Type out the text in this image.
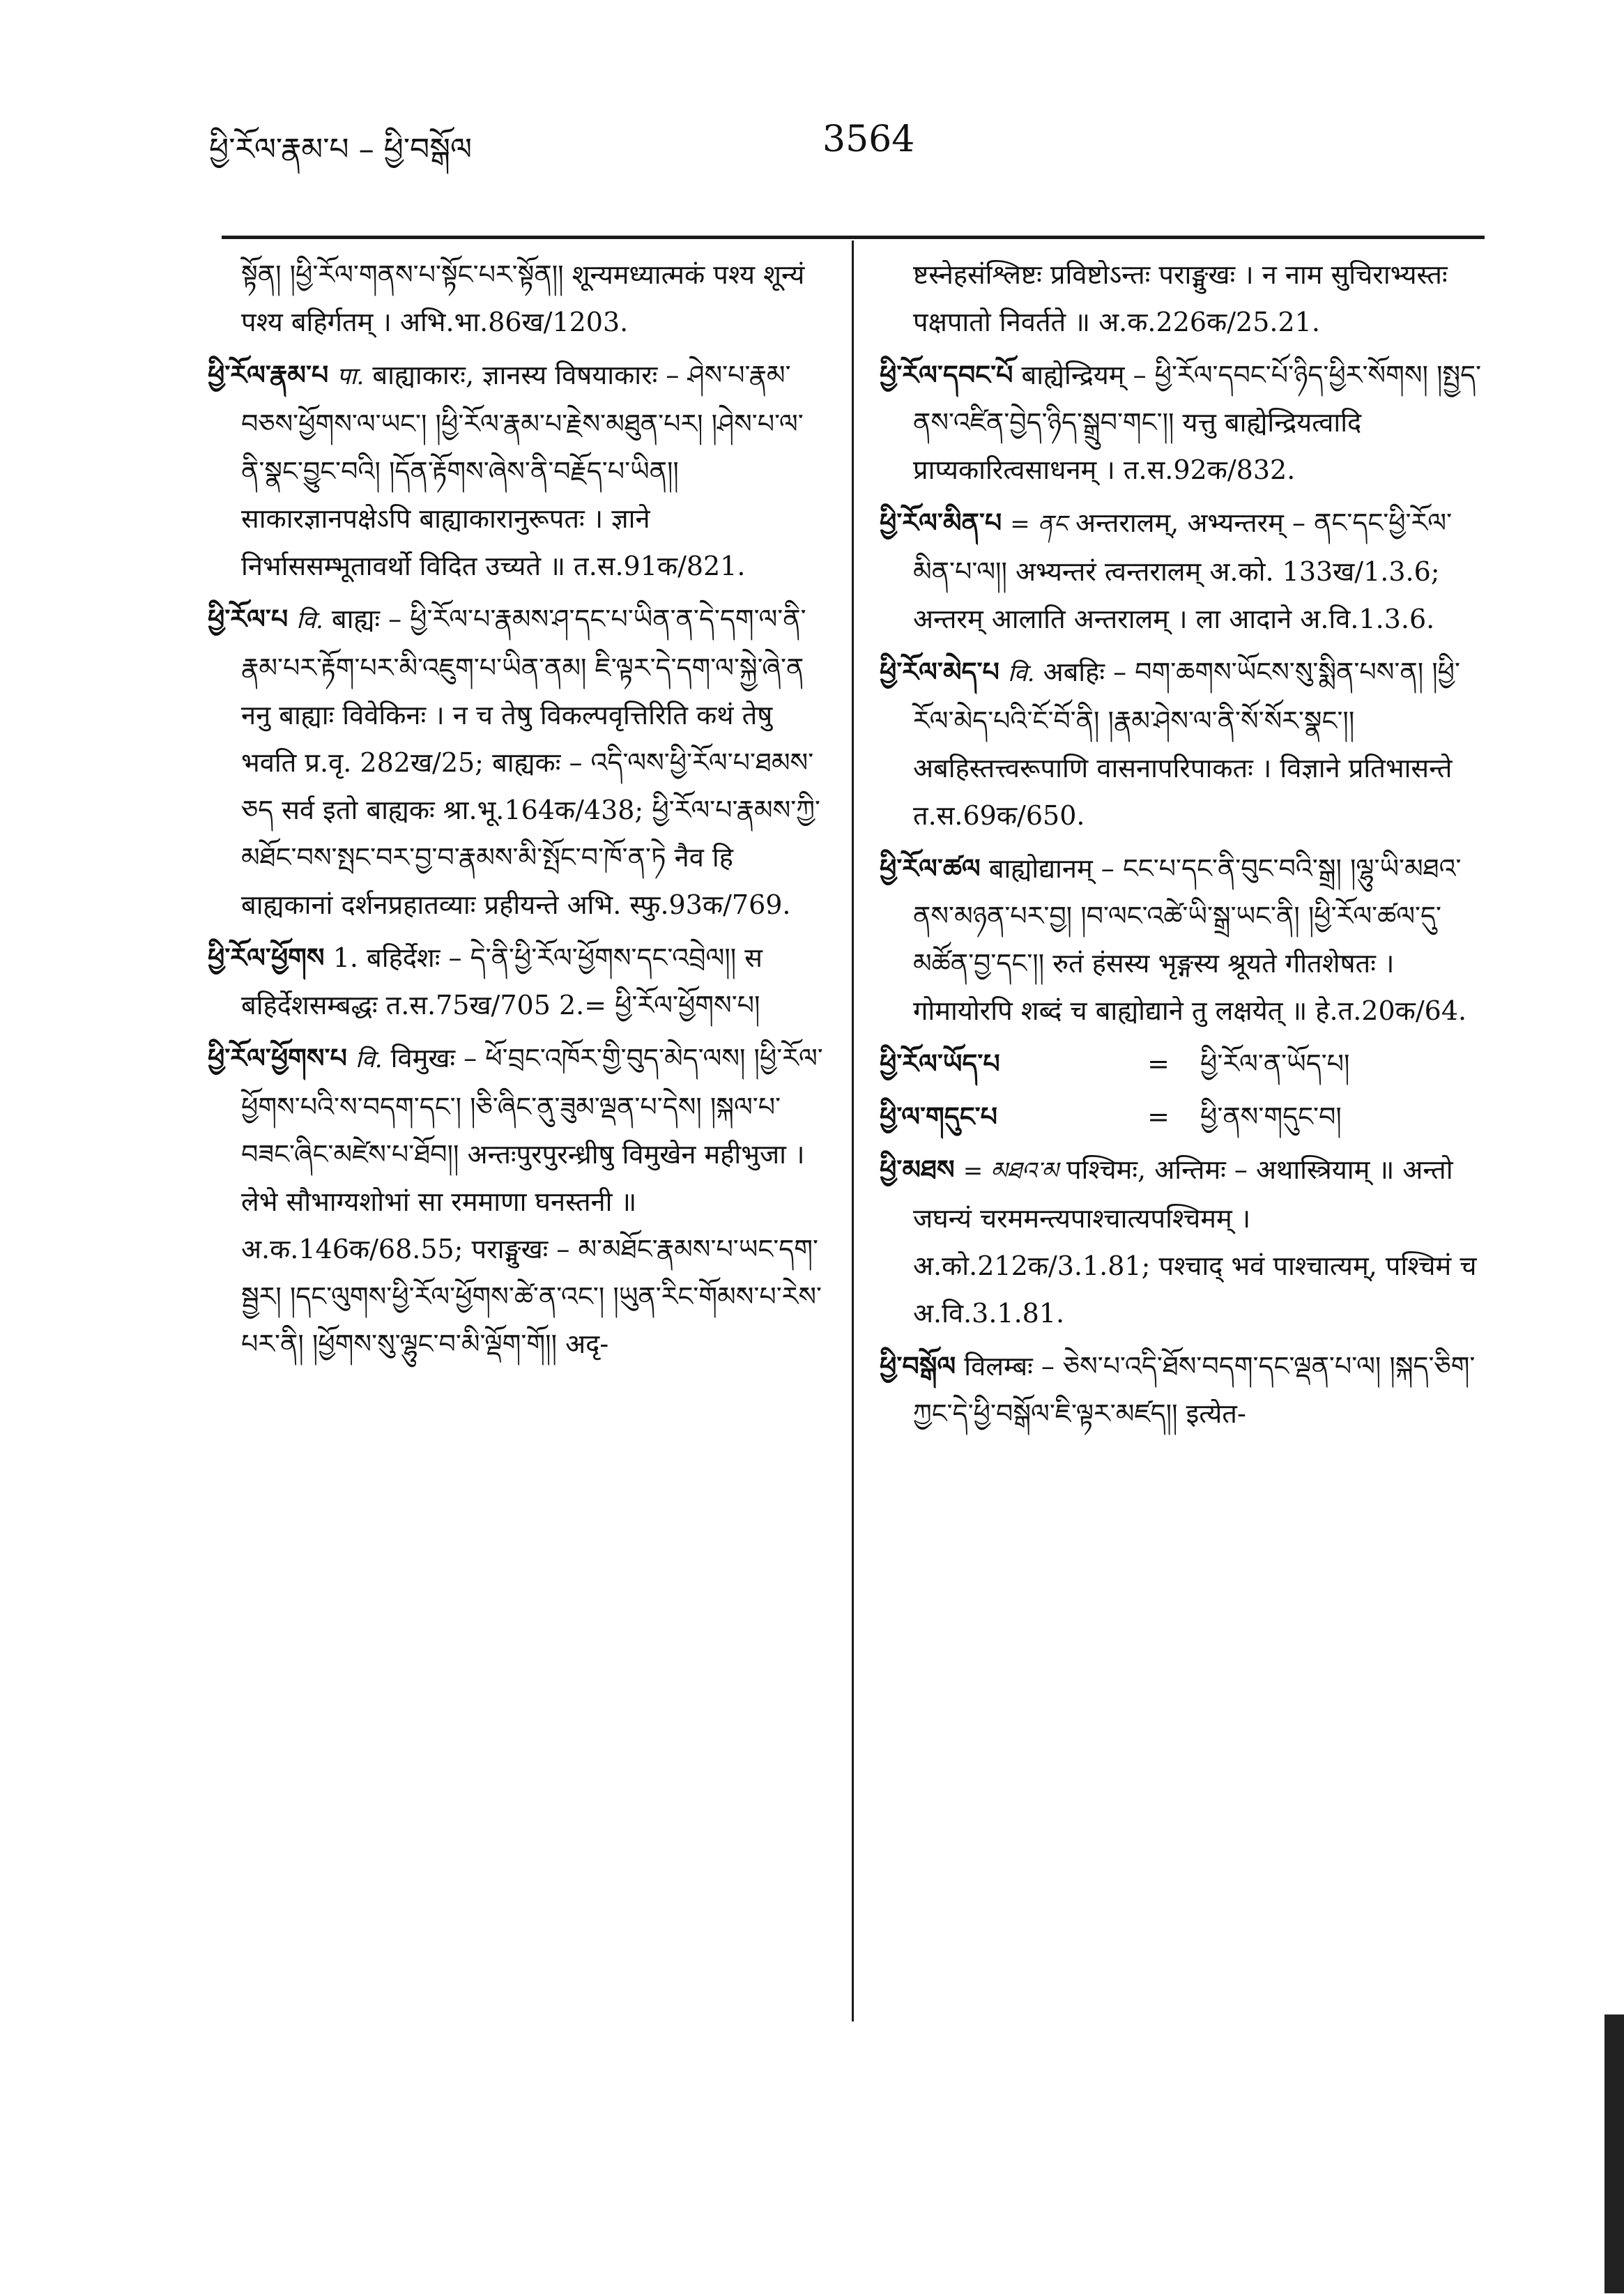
ཕྱི་རོལ་རྣམ་པ – ཕྱི་བསྒོལ	3564
སྟོན། །ཕྱི་རོལ་གནས་པ་སྟོང་པར་སྟོན།། शून्यमध्यात्मकं पश्य शून्यं पश्य बहिर्गतम् । अभि.भा.86ख/1203.
ཕྱི་རོལ་རྣམ་པ पा. बाह्याकारः, ज्ञानस्य विषयाकारः – ཤེས་པ་རྣམ་བཅས་ཕྱོགས་ལ་ཡང་། །ཕྱི་རོལ་རྣམ་པ་རྗེས་མཐུན་པར། །ཤེས་པ་ལ་ནི་སྣང་བྱུང་བའི། །དོན་རྟོགས་ཞེས་ནི་བརྗོད་པ་ཡིན།། साकारज्ञानपक्षेऽपि बाह्याकारानुरूपतः । ज्ञाने निर्भाससम्भूतावर्थो विदित उच्यते ॥ त.स.91क/821.
ཕྱི་རོལ་པ वि. बाह्यः – ཕྱི་རོལ་པ་རྣམས་ཤ་དང་པ་ཡིན་ན་དེ་དག་ལ་ནི་རྣམ་པར་རྟོག་པར་མི་འཇུག་པ་ཡིན་ནམ། ཇི་ལྟར་དེ་དག་ལ་སྐྱེ་ཞེ་ན ननु बाह्याः विवेकिनः । न च तेषु विकल्पवृत्तिरिति कथं तेषु भवति प्र.वृ. 282ख/25; बाह्यकः – འདི་ལས་ཕྱི་རོལ་པ་ཐམས་ཅད सर्व इतो बाह्यकः श्रा.भू.164क/438; ཕྱི་རོལ་པ་རྣམས་ཀྱི་མཐོང་བས་སྤང་བར་བྱ་བ་རྣམས་མི་སྤོང་བ་ཁོ་ན་ཏེ नैव हि बाह्यकानां दर्शनप्रहातव्याः प्रहीयन्ते अभि. स्फु.93क/769.
ཕྱི་རོལ་ཕྱོགས 1. बहिर्देशः – དེ་ནི་ཕྱི་རོལ་ཕྱོགས་དང་འབྲེལ།། स बहिर्देशसम्बद्धः त.स.75ख/705 2.= ཕྱི་རོལ་ཕྱོགས་པ།
ཕྱི་རོལ་ཕྱོགས་པ वि. विमुखः – ཕོ་བྲང་འཁོར་གྱི་བུད་མེད་ལས། །ཕྱི་རོལ་ཕྱོགས་པའི་ས་བདག་དང་། །ཅི་ཞིང་ནུ་ཟུམ་ལྡན་པ་དེས། །སྐལ་པ་བཟང་ཞིང་མཛེས་པ་ཐོབ།། अन्तःपुरपुरन्ध्रीषु विमुखेन महीभुजा । लेभे सौभाग्यशोभां सा रममाणा घनस्तनी ॥ अ.क.146क/68.55; पराङ्मुखः – མ་མཐོང་རྣམས་པ་ཡང་དག་སྦྱར། །དང་ལུགས་ཕྱི་རོལ་ཕྱོགས་ཚེ་ན་འང་། །ཡུན་རིང་གོམས་པ་རེས་པར་ནི། །ཕྱོགས་སུ་ལྷུང་བ་མི་ལྡོག་གོ།། अदृ-
ष्टस्नेहसंश्लिष्टः प्रविष्टोऽन्तः पराङ्मुखः । न नाम सुचिराभ्यस्तः पक्षपातो निवर्तते ॥ अ.क.226क/25.21.
ཕྱི་རོལ་དབང་པོ बाह्येन्द्रियम् – ཕྱི་རོལ་དབང་པོ་ཉིད་ཕྱིར་སོགས། །སྤྱད་ནས་འཛིན་བྱེད་ཉིད་སྒྲུབ་གང་།། यत्तु बाह्येन्द्रियत्वादि प्राप्यकारित्वसाधनम् । त.स.92क/832.
ཕྱི་རོལ་མིན་པ = ནང अन्तरालम्, अभ्यन्तरम् – ནང་དང་ཕྱི་རོལ་མིན་པ་ལ།། अभ्यन्तरं त्वन्तरालम् अ.को. 133ख/1.3.6; अन्तरम् आलाति अन्तरालम् । ला आदाने अ.वि.1.3.6.
ཕྱི་རོལ་མེད་པ वि. अबहिः – བག་ཆགས་ཡོངས་སུ་སྨིན་པས་ན། །ཕྱི་རོལ་མེད་པའི་ངོ་བོ་ནི། །རྣམ་ཤེས་ལ་ནི་སོ་སོར་སྣང་།། अबहिस्तत्त्वरूपाणि वासनापरिपाकतः । विज्ञाने प्रतिभासन्ते त.स.69क/650.
ཕྱི་རོལ་ཚལ बाह्योद्यानम् – ངང་པ་དང་ནི་བུང་བའི་སྒྲ། །ལྷུ་ཡི་མཐའ་ནས་མཉན་པར་བྱ། །བ་ལང་འཚེ་ཡི་སྒྲ་ཡང་ནི། །ཕྱི་རོལ་ཚལ་དུ་མཚོན་བྱ་དང་།། रुतं हंसस्य भृङ्गस्य श्रूयते गीतशेषतः । गोमायोरपि शब्दं च बाह्योद्याने तु लक्षयेत् ॥ हे.त.20क/64.
ཕྱི་རོལ་ཡོད་པ	=	ཕྱི་རོལ་ན་ཡོད་པ།
ཕྱི་ལ་གདུང་པ	=	ཕྱི་ནས་གདུང་བ།
ཕྱི་མཐས = མཐའ་མ पश्चिमः, अन्तिमः – अथास्त्रियाम् ॥ अन्तो जघन्यं चरममन्त्यपाश्चात्यपश्चिमम् । अ.को.212क/3.1.81; पश्चाद् भवं पाश्चात्यम्, पश्चिमं च अ.वि.3.1.81.
ཕྱི་བསྒོལ विलम्बः – ཅེས་པ་འདི་ཐོས་བདག་དང་ལྡན་པ་ལ། །སྐད་ཅིག་ཀྱང་དེ་ཕྱི་བསྒོལ་ཇི་ལྟར་མཛད།། इत्येत-
